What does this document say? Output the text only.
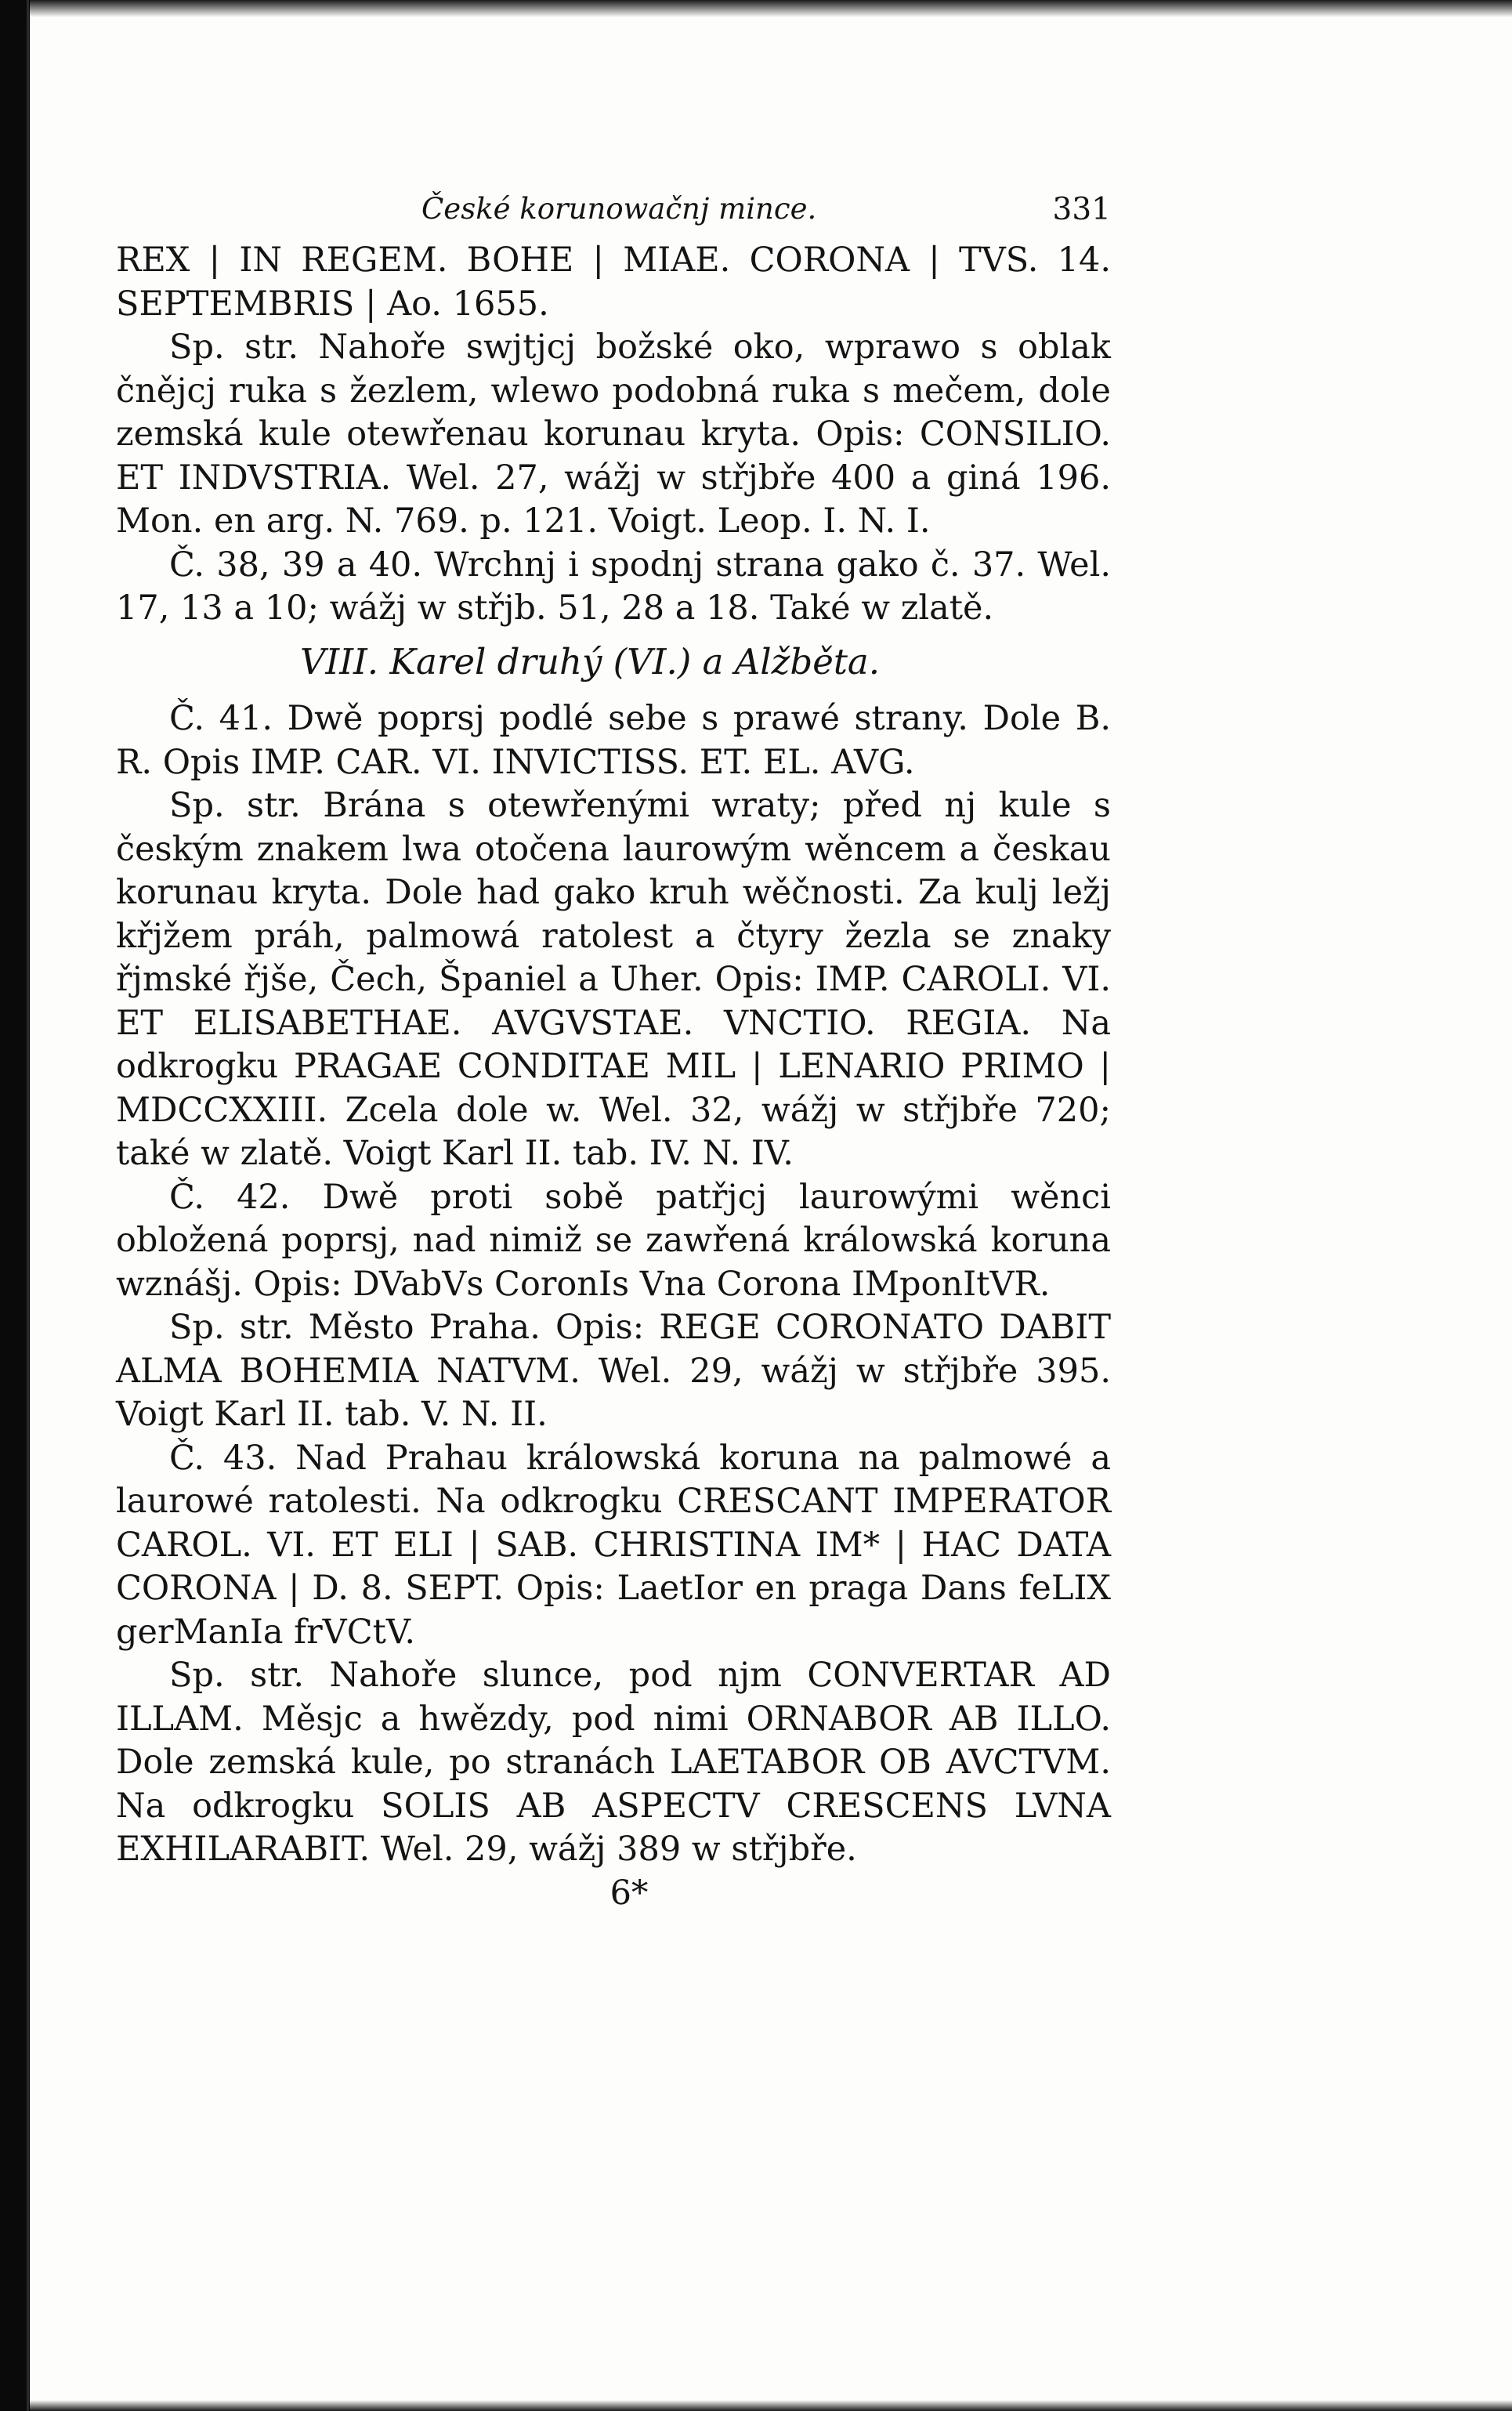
České korunowačnj mince.	331

REX | IN REGEM. BOHE | MIAE. CORONA | TVS. 14. SEPTEMBRIS | Ao. 1655.

Sp. str. Nahoře swjtjcj božské oko, wprawo s oblak čnějcj ruka s žezlem, wlewo podobná ruka s mečem, dole zemská kule otewřenau korunau kryta. Opis: CONSILIO. ET INDVSTRIA. Wel. 27, wážj w střjbře 400 a giná 196. Mon. en arg. N. 769. p. 121. Voigt. Leop. I. N. I.

Č. 38, 39 a 40. Wrchnj i spodnj strana gako č. 37. Wel. 17, 13 a 10; wážj w střjb. 51, 28 a 18. Také w zlatě.

VIII. Karel druhý (VI.) a Alžběta.

Č. 41. Dwě poprsj podlé sebe s prawé strany. Dole B. R. Opis IMP. CAR. VI. INVICTISS. ET. EL. AVG.

Sp. str. Brána s otewřenými wraty; před nj kule s českým znakem lwa otočena laurowým wěncem a českau korunau kryta. Dole had gako kruh wěčnosti. Za kulj ležj křjžem práh, palmowá ratolest a čtyry žezla se znaky řjmské řjše, Čech, Španiel a Uher. Opis: IMP. CAROLI. VI. ET ELISABETHAE. AVGVSTAE. VNCTIO. REGIA. Na odkrogku PRAGAE CONDITAE MIL | LENARIO PRIMO | MDCCXXIII. Zcela dole w. Wel. 32, wážj w střjbře 720; také w zlatě. Voigt Karl II. tab. IV. N. IV.

Č. 42. Dwě proti sobě patřjcj laurowými wěnci obložená poprsj, nad nimiž se zawřená králowská koruna wznášj. Opis: DVabVs CoronIs Vna Corona IMponItVR.

Sp. str. Město Praha. Opis: REGE CORONATO DABIT ALMA BOHEMIA NATVM. Wel. 29, wážj w střjbře 395. Voigt Karl II. tab. V. N. II.

Č. 43. Nad Prahau králowská koruna na palmowé a laurowé ratolesti. Na odkrogku CRESCANT IMPERATOR CAROL. VI. ET ELI | SAB. CHRISTINA IM* | HAC DATA CORONA | D. 8. SEPT. Opis: LaetIor en praga Dans feLIX gerManIa frVCtV.

Sp. str. Nahoře slunce, pod njm CONVERTAR AD ILLAM. Měsjc a hwězdy, pod nimi ORNABOR AB ILLO. Dole zemská kule, po stranách LAETABOR OB AVCTVM. Na odkrogku SOLIS AB ASPECTV CRESCENS LVNA EXHILARABIT. Wel. 29, wážj 389 w střjbře.

6*
